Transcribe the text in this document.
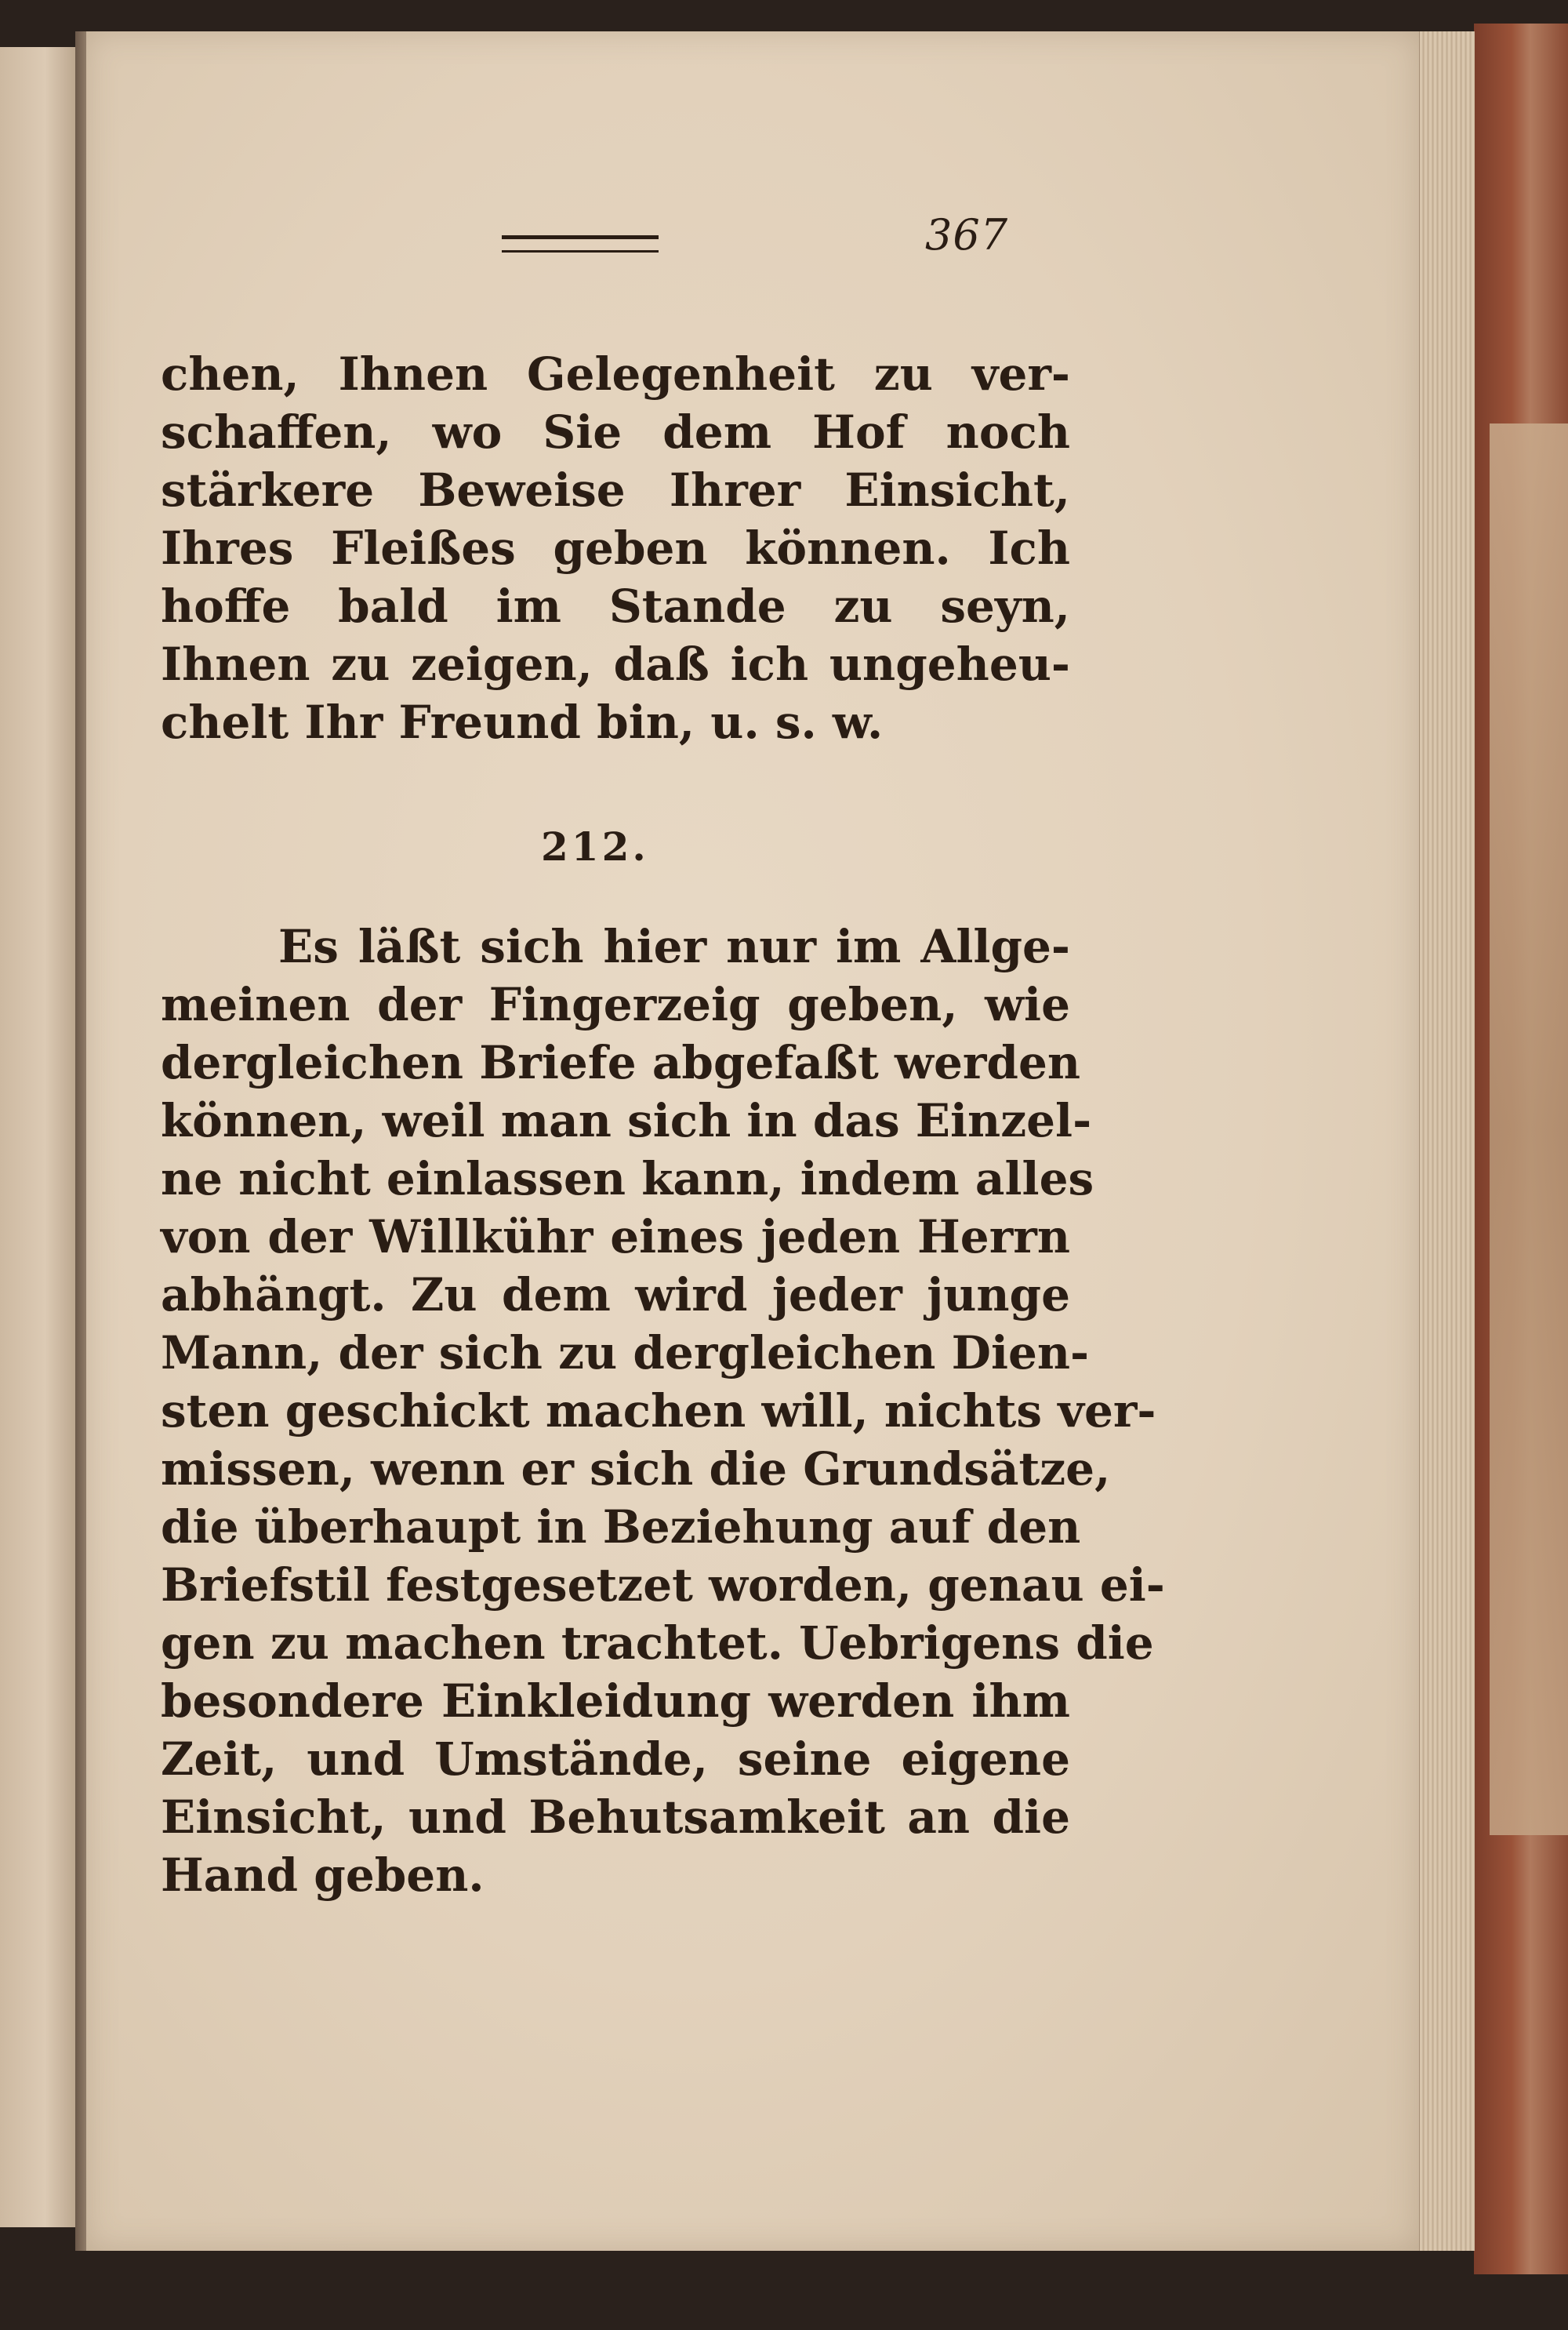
367
chen, Ihnen Gelegenheit zu ver-
schaffen, wo Sie dem Hof noch
stärkere Beweise Ihrer Einsicht,
Ihres Fleißes geben können. Ich
hoffe bald im Stande zu seyn,
Ihnen zu zeigen, daß ich ungeheu-
chelt Ihr Freund bin, u. s. w.
212.
Es läßt sich hier nur im Allge-
meinen der Fingerzeig geben, wie
dergleichen Briefe abgefaßt werden
können, weil man sich in das Einzel-
ne nicht einlassen kann, indem alles
von der Willkühr eines jeden Herrn
abhängt. Zu dem wird jeder junge
Mann, der sich zu dergleichen Dien-
sten geschickt machen will, nichts ver-
missen, wenn er sich die Grundsätze,
die überhaupt in Beziehung auf den
Briefstil festgesetzet worden, genau ei-
gen zu machen trachtet. Uebrigens die
besondere Einkleidung werden ihm
Zeit, und Umstände, seine eigene
Einsicht, und Behutsamkeit an die
Hand geben.
